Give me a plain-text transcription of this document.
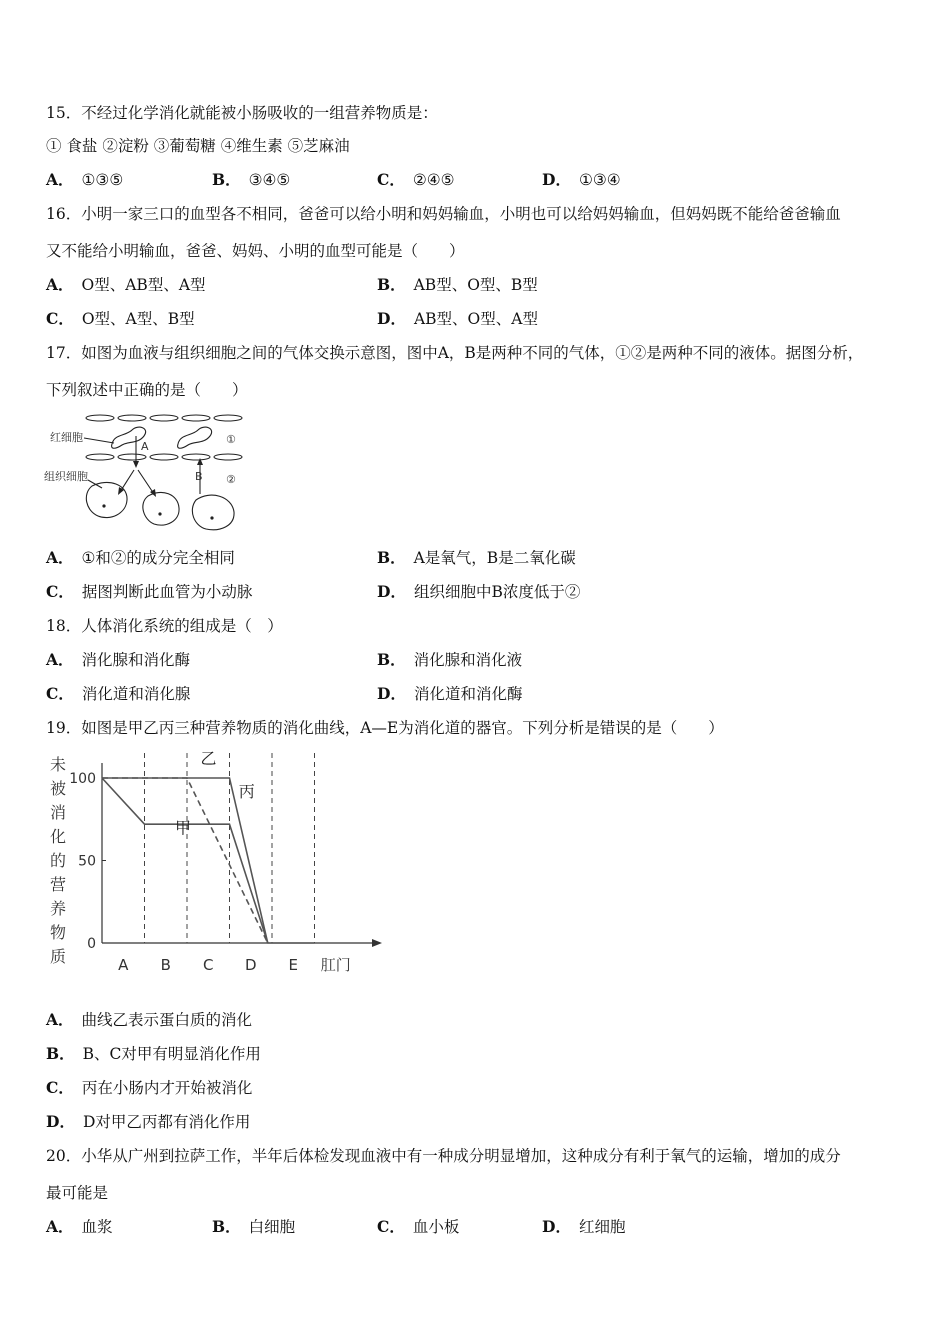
15．不经过化学消化就能被小肠吸收的一组营养物质是：
① 食盐 ②淀粉 ③葡萄糖 ④维生素 ⑤芝麻油
A． ①③⑤	B． ③④⑤	C． ②④⑤	D． ①③④
16．小明一家三口的血型各不相同，爸爸可以给小明和妈妈输血，小明也可以给妈妈输血，但妈妈既不能给爸爸输血
又不能给小明输血，爸爸、妈妈、小明的血型可能是（　　）
A． O型、AB型、A型	B． AB型、O型、B型
C． O型、A型、B型	D． AB型、O型、A型
17．如图为血液与组织细胞之间的气体交换示意图，图中A，B是两种不同的气体，①②是两种不同的液体。据图分析，
下列叙述中正确的是（　　）
红细胞
组织细胞
A
B
①
②
A． ①和②的成分完全相同	B． A是氧气，B是二氧化碳
C． 据图判断此血管为小动脉	D． 组织细胞中B浓度低于②
18．人体消化系统的组成是（　）
A． 消化腺和消化酶	B． 消化腺和消化液
C． 消化道和消化腺	D． 消化道和消化酶
19．如图是甲乙丙三种营养物质的消化曲线，A—E为消化道的器官。下列分析是错误的是（　　）
未
被
消
化
的
营
养
物
质
100
50
0
A B C D E 肛门
甲
乙
丙
A． 曲线乙表示蛋白质的消化
B． B、C对甲有明显消化作用
C． 丙在小肠内才开始被消化
D． D对甲乙丙都有消化作用
20．小华从广州到拉萨工作，半年后体检发现血液中有一种成分明显增加，这种成分有利于氧气的运输，增加的成分
最可能是
A． 血浆	B． 白细胞	C． 血小板	D． 红细胞
